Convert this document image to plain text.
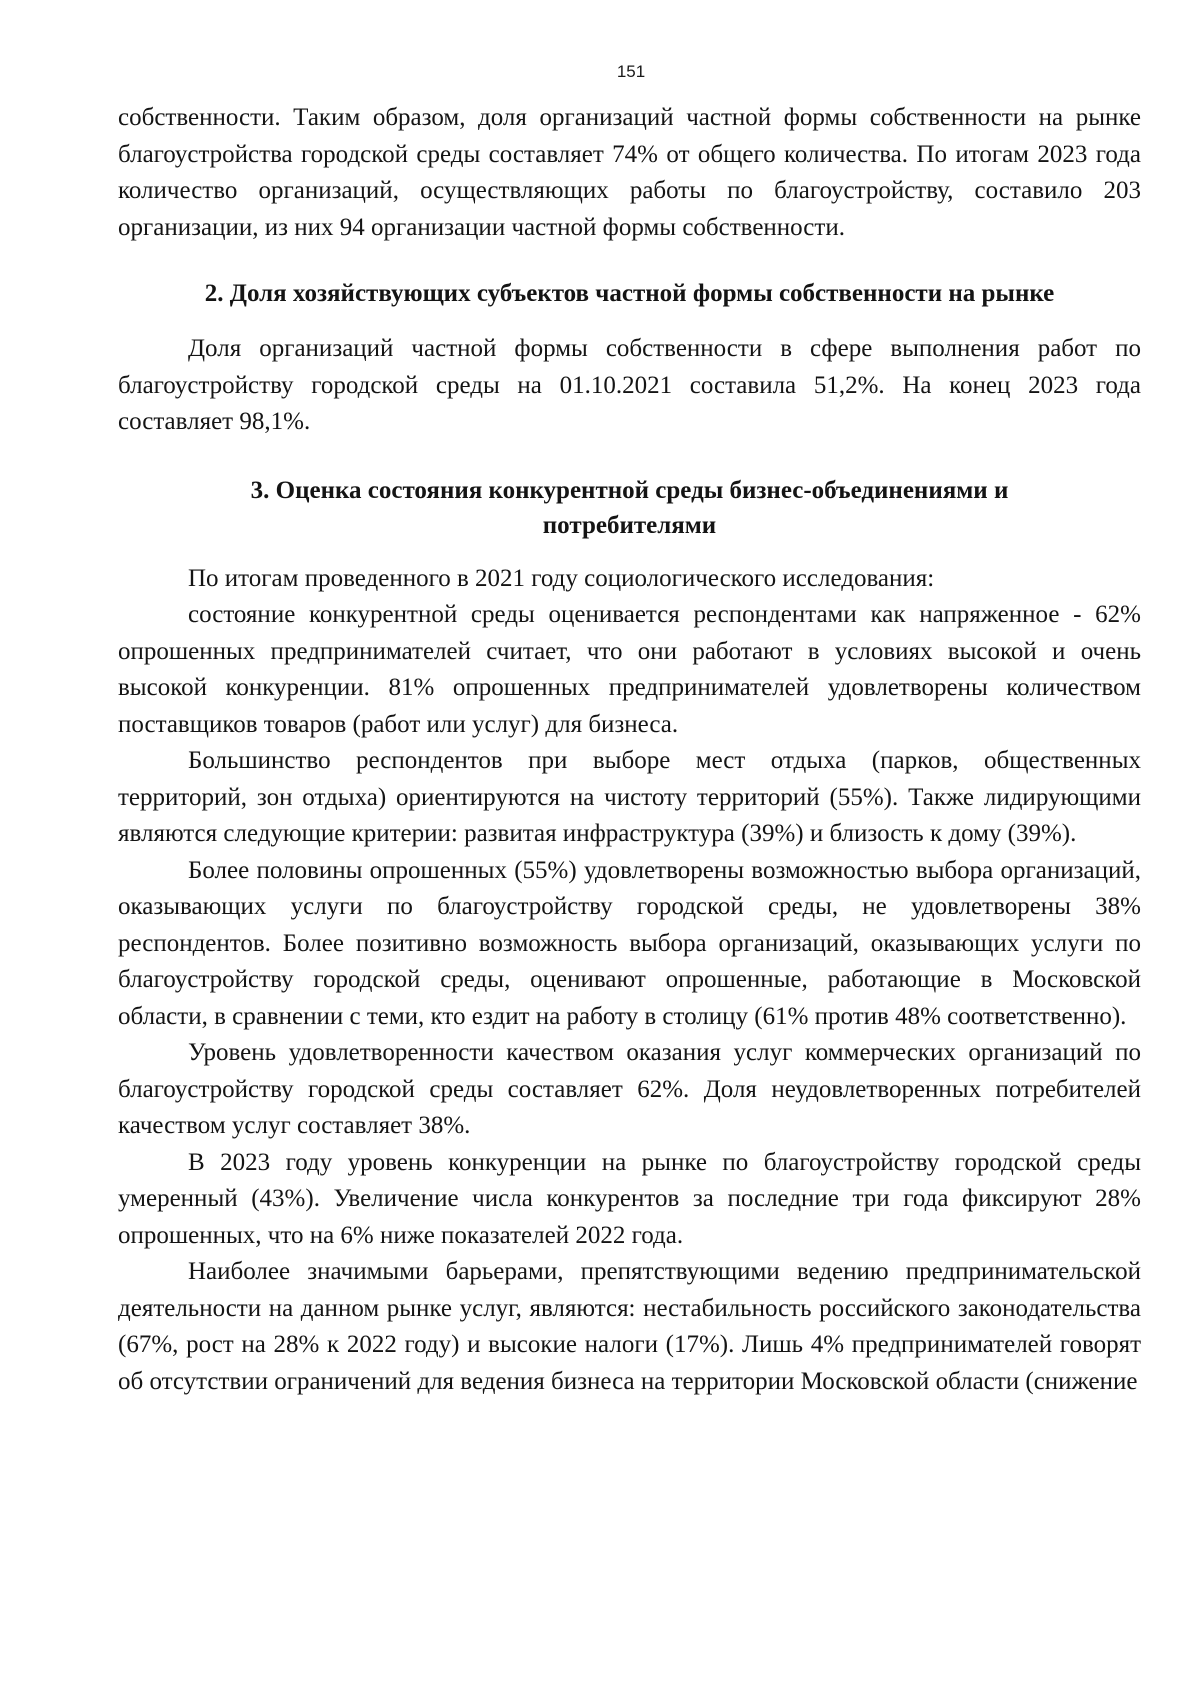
151

собственности. Таким образом, доля организаций частной формы собственности на рынке благоустройства городской среды составляет 74% от общего количества. По итогам 2023 года количество организаций, осуществляющих работы по благоустройству, составило 203 организации, из них 94 организации частной формы собственности.

2. Доля хозяйствующих субъектов частной формы собственности на рынке

Доля организаций частной формы собственности в сфере выполнения работ по благоустройству городской среды на 01.10.2021 составила 51,2%. На конец 2023 года составляет 98,1%.

3. Оценка состояния конкурентной среды бизнес-объединениями и
потребителями

По итогам проведенного в 2021 году социологического исследования:

состояние конкурентной среды оценивается респондентами как напряженное - 62% опрошенных предпринимателей считает, что они работают в условиях высокой и очень высокой конкуренции. 81% опрошенных предпринимателей удовлетворены количеством поставщиков товаров (работ или услуг) для бизнеса.

Большинство респондентов при выборе мест отдыха (парков, общественных территорий, зон отдыха) ориентируются на чистоту территорий (55%). Также лидирующими являются следующие критерии: развитая инфраструктура (39%) и близость к дому (39%).

Более половины опрошенных (55%) удовлетворены возможностью выбора организаций, оказывающих услуги по благоустройству городской среды, не удовлетворены 38% респондентов. Более позитивно возможность выбора организаций, оказывающих услуги по благоустройству городской среды, оценивают опрошенные, работающие в Московской области, в сравнении с теми, кто ездит на работу в столицу (61% против 48% соответственно).

Уровень удовлетворенности качеством оказания услуг коммерческих организаций по благоустройству городской среды составляет 62%. Доля неудовлетворенных потребителей качеством услуг составляет 38%.

В 2023 году уровень конкуренции на рынке по благоустройству городской среды умеренный (43%). Увеличение числа конкурентов за последние три года фиксируют 28% опрошенных, что на 6% ниже показателей 2022 года.

Наиболее значимыми барьерами, препятствующими ведению предпринимательской деятельности на данном рынке услуг, являются: нестабильность российского законодательства (67%, рост на 28% к 2022 году) и высокие налоги (17%). Лишь 4% предпринимателей говорят об отсутствии ограничений для ведения бизнеса на территории Московской области (снижение
